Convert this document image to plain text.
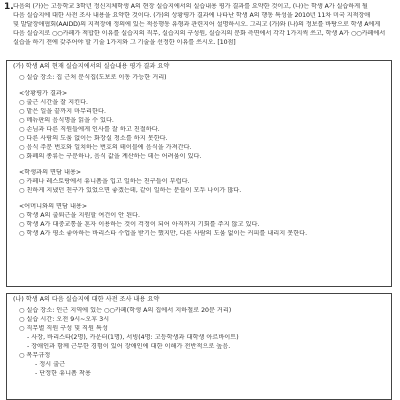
1. 다음의 (가)는 고등학교 3학년 정신지체학생 A의 현장 실습지에서의 실습내용 평가 결과를 요약한 것이고, (나)는 학생 A가 실습하게 될
다음 실습지에 대한 사전 조사 내용을 요약한 것이다. (가)의 상황평가 결과에 나타난 학생 A의 행동 특성을 2010년 11차 미국 지적장애
및 발달장애협회(AAIDD)의 지적장애 정의에 있는 적응행동 유형과 관련지어 설명하시오. 그리고 (가)와 (나)의 정보를 바탕으로 학생 A에게
다음 실습지로 ○○카페가 적합한 이유를 실습지의 직무, 실습지의 구성원, 실습지의 문화 측면에서 각각 1가지씩 쓰고, 학생 A가 ○○카페에서
실습을 하기 전에 갖추어야 할 기술 1가지와 그 기술을 선정한 이유를 쓰시오. [10점]
(가) 학생 A의 현재 실습지에서의 실습내용 평가 결과 요약
○ 실습 장소: 집 근처 분식집(도보로 이동 가능한 거리)
<상황평가 결과>
○ 출근 시간을 잘 지킨다.
○ 맡은 일을 끝까지 마무리한다.
○ 메뉴판의 음식명을 읽을 수 있다.
○ 손님과 다른 직원들에게 인사를 잘 하고 친절하다.
○ 다른 사람의 도움 없이는 화장실 청소를 하지 못한다.
○ 음식 주문 번호와 일치하는 번호의 테이블에 음식을 가져간다.
○ 화폐의 종류는 구분하나, 음식 값을 계산하는 데는 어려움이 있다.
<학생과의 면담 내용>
○ 카페나 레스토랑에서 유니폼을 입고 일하는 친구들이 부럽다.
○ 친하게 지냈던 친구가 있었으면 좋겠는데, 같이 일하는 분들이 모두 나이가 많다.
<어머니와의 면담 내용>
○ 학생 A의 출퇴근을 지원할 여건이 안 된다.
○ 학생 A가 대중교통을 혼자 이용하는 것이 걱정이 되어 아직까지 기회를 주지 않고 있다.
○ 학생 A가 평소 좋아하는 바리스타 수업을 받기는 했지만, 다른 사람의 도움 없이는 커피를 내리지 못한다.
(나) 학생 A의 다음 실습지에 대한 사전 조사 내용 요약
○ 실습 장소: 인근 지역에 있는 ○○카페(학생 A의 집에서 지하철로 20분 거리)
○ 실습 시간: 오전 9시~오후 3시
○ 직무별 직원 구성 및 직원 특성
- 사장, 바리스타(2명), 카운터(1명), 서빙(4명: 고등학생과 대학생 아르바이트)
- 장애인과 함께 근무한 경험이 있어 장애인에 대한 이해가 전반적으로 높음.
○ 복무규정
- 정시 출근
- 단정한 유니폼 착용
